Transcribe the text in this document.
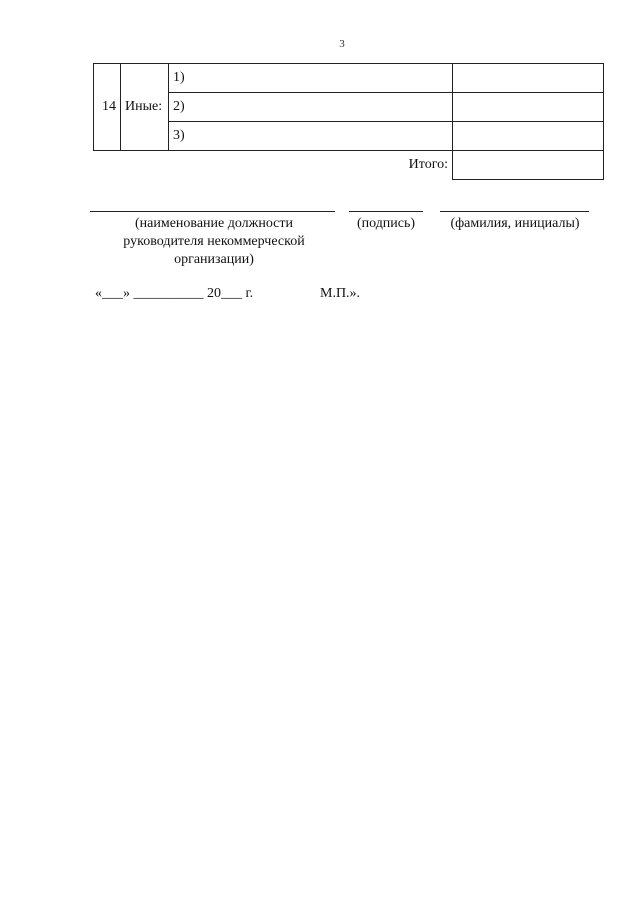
3
14	Иные:	1)	
		2)	
		3)	
		Итого:	
(наименование должности руководителя некоммерческой организации)
(подпись)	(фамилия, инициалы)
«___» __________ 20___ г.	М.П.».
